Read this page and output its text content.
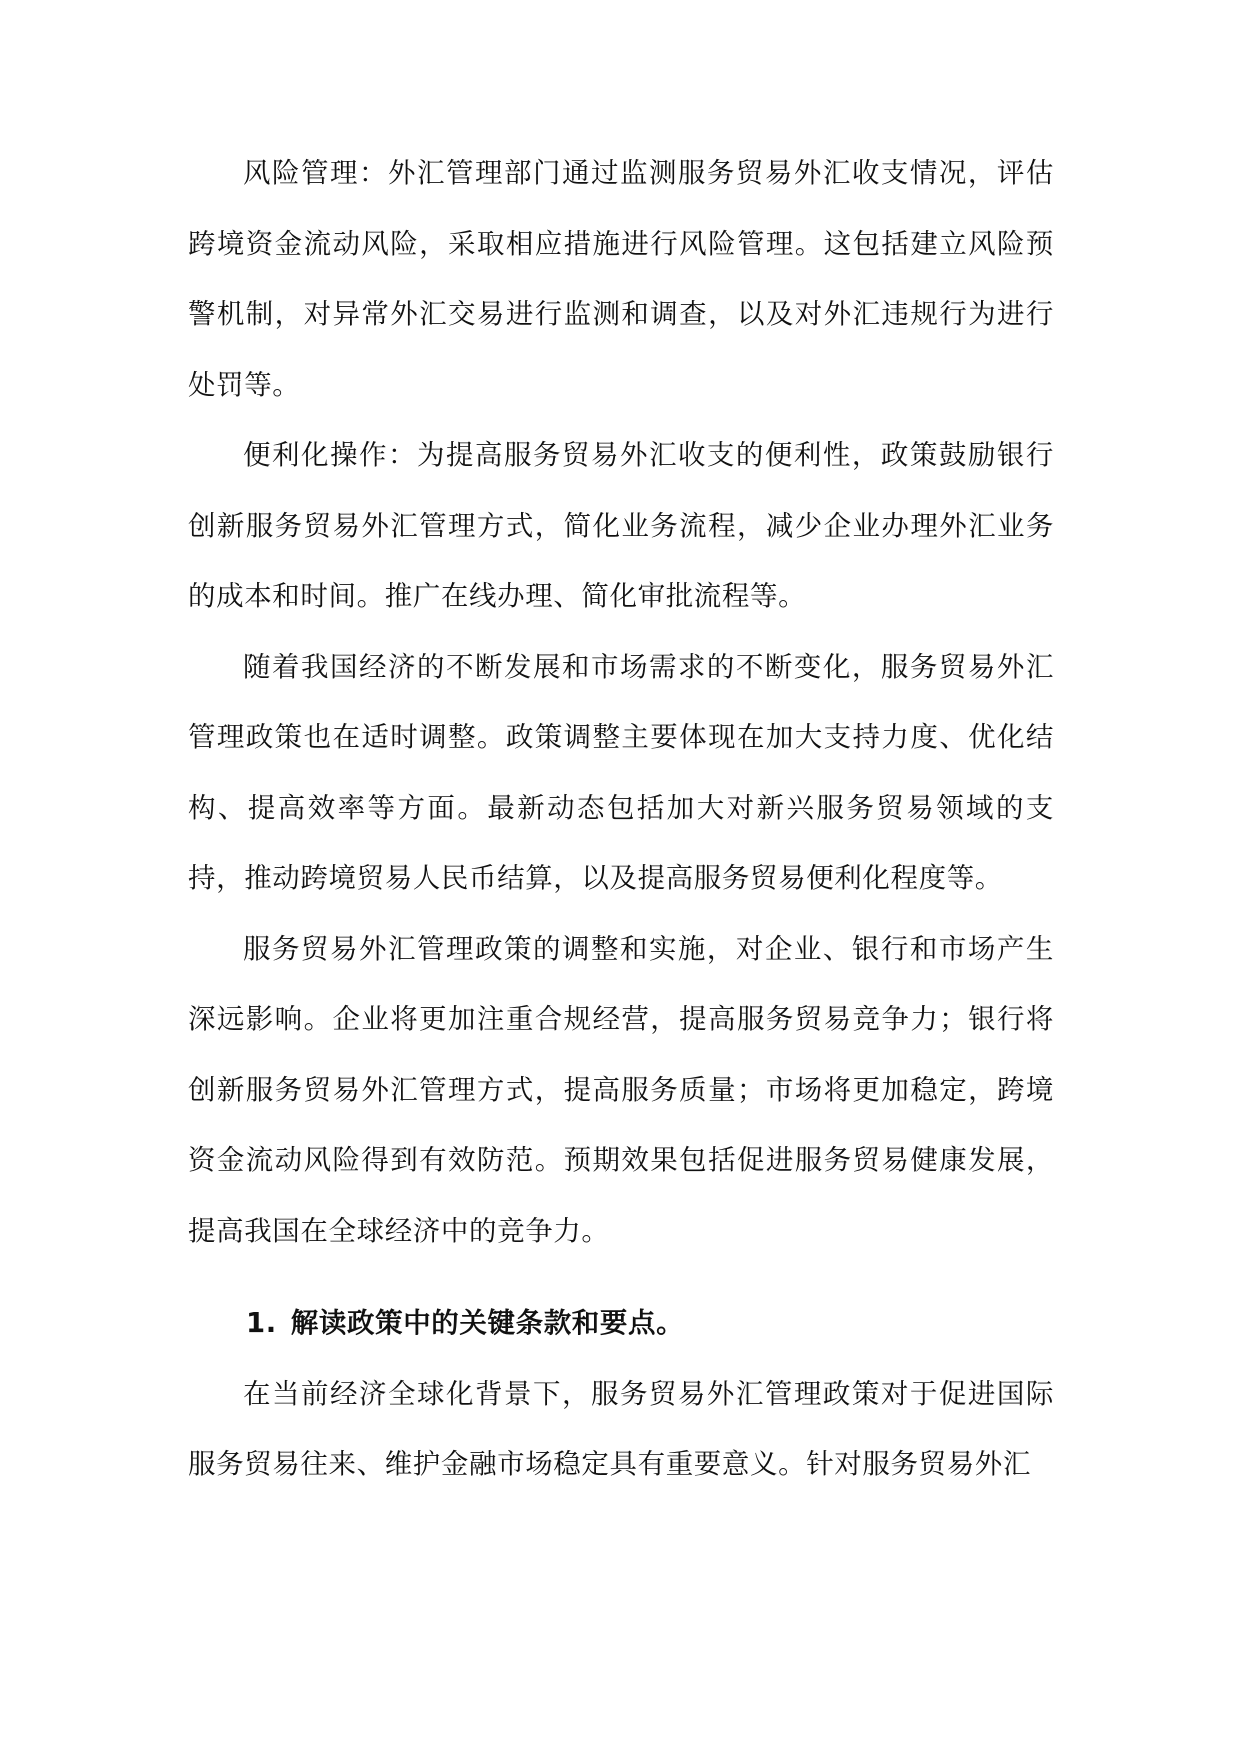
风险管理：外汇管理部门通过监测服务贸易外汇收支情况，评估跨境资金流动风险，采取相应措施进行风险管理。这包括建立风险预警机制，对异常外汇交易进行监测和调查，以及对外汇违规行为进行处罚等。

便利化操作：为提高服务贸易外汇收支的便利性，政策鼓励银行创新服务贸易外汇管理方式，简化业务流程，减少企业办理外汇业务的成本和时间。推广在线办理、简化审批流程等。

随着我国经济的不断发展和市场需求的不断变化，服务贸易外汇管理政策也在适时调整。政策调整主要体现在加大支持力度、优化结构、提高效率等方面。最新动态包括加大对新兴服务贸易领域的支持，推动跨境贸易人民币结算，以及提高服务贸易便利化程度等。

服务贸易外汇管理政策的调整和实施，对企业、银行和市场产生深远影响。企业将更加注重合规经营，提高服务贸易竞争力；银行将创新服务贸易外汇管理方式，提高服务质量；市场将更加稳定，跨境资金流动风险得到有效防范。预期效果包括促进服务贸易健康发展，提高我国在全球经济中的竞争力。

1. 解读政策中的关键条款和要点。

在当前经济全球化背景下，服务贸易外汇管理政策对于促进国际服务贸易往来、维护金融市场稳定具有重要意义。针对服务贸易外汇
